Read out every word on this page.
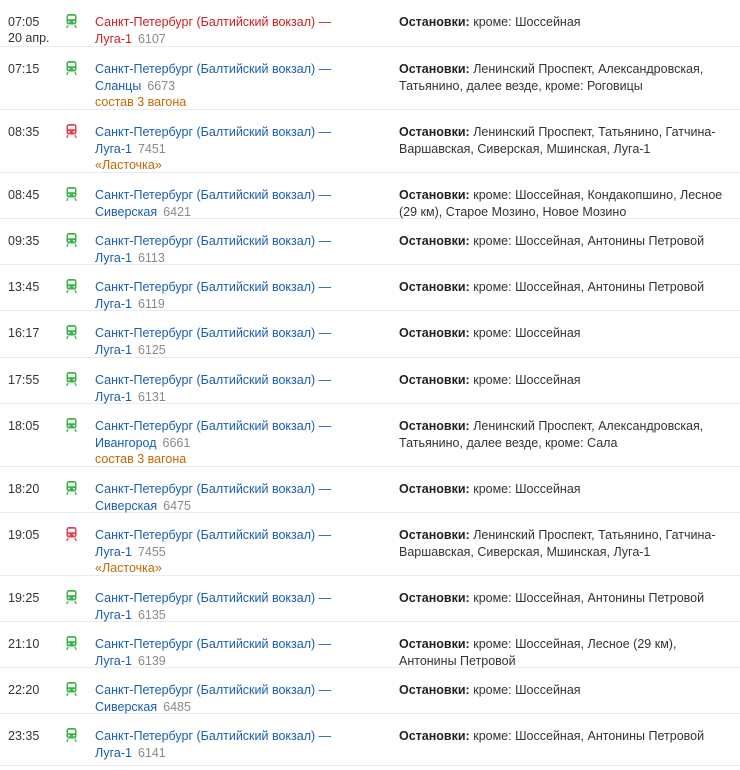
07:05
20 апр.
Санкт-Петербург (Балтийский вокзал) —
Луга-1 6107
Остановки: кроме: Шоссейная
07:15	Санкт-Петербург (Балтийский вокзал) —
Сланцы 6673
состав 3 вагона
Остановки: Ленинский Проспект, Александровская, Татьянино, далее везде, кроме: Роговицы
08:35	Санкт-Петербург (Балтийский вокзал) —
Луга-1 7451
«Ласточка»
Остановки: Ленинский Проспект, Татьянино, Гатчина-Варшавская, Сиверская, Мшинская, Луга-1
08:45	Санкт-Петербург (Балтийский вокзал) —
Сиверская 6421
Остановки: кроме: Шоссейная, Кондакопшино, Лесное (29 км), Старое Мозино, Новое Мозино
09:35	Санкт-Петербург (Балтийский вокзал) —
Луга-1 6113
Остановки: кроме: Шоссейная, Антонины Петровой
13:45	Санкт-Петербург (Балтийский вокзал) —
Луга-1 6119
Остановки: кроме: Шоссейная, Антонины Петровой
16:17	Санкт-Петербург (Балтийский вокзал) —
Луга-1 6125
Остановки: кроме: Шоссейная
17:55	Санкт-Петербург (Балтийский вокзал) —
Луга-1 6131
Остановки: кроме: Шоссейная
18:05	Санкт-Петербург (Балтийский вокзал) —
Ивангород 6661
состав 3 вагона
Остановки: Ленинский Проспект, Александровская, Татьянино, далее везде, кроме: Сала
18:20	Санкт-Петербург (Балтийский вокзал) —
Сиверская 6475
Остановки: кроме: Шоссейная
19:05	Санкт-Петербург (Балтийский вокзал) —
Луга-1 7455
«Ласточка»
Остановки: Ленинский Проспект, Татьянино, Гатчина-Варшавская, Сиверская, Мшинская, Луга-1
19:25	Санкт-Петербург (Балтийский вокзал) —
Луга-1 6135
Остановки: кроме: Шоссейная, Антонины Петровой
21:10	Санкт-Петербург (Балтийский вокзал) —
Луга-1 6139
Остановки: кроме: Шоссейная, Лесное (29 км), Антонины Петровой
22:20	Санкт-Петербург (Балтийский вокзал) —
Сиверская 6485
Остановки: кроме: Шоссейная
23:35	Санкт-Петербург (Балтийский вокзал) —
Луга-1 6141
Остановки: кроме: Шоссейная, Антонины Петровой
